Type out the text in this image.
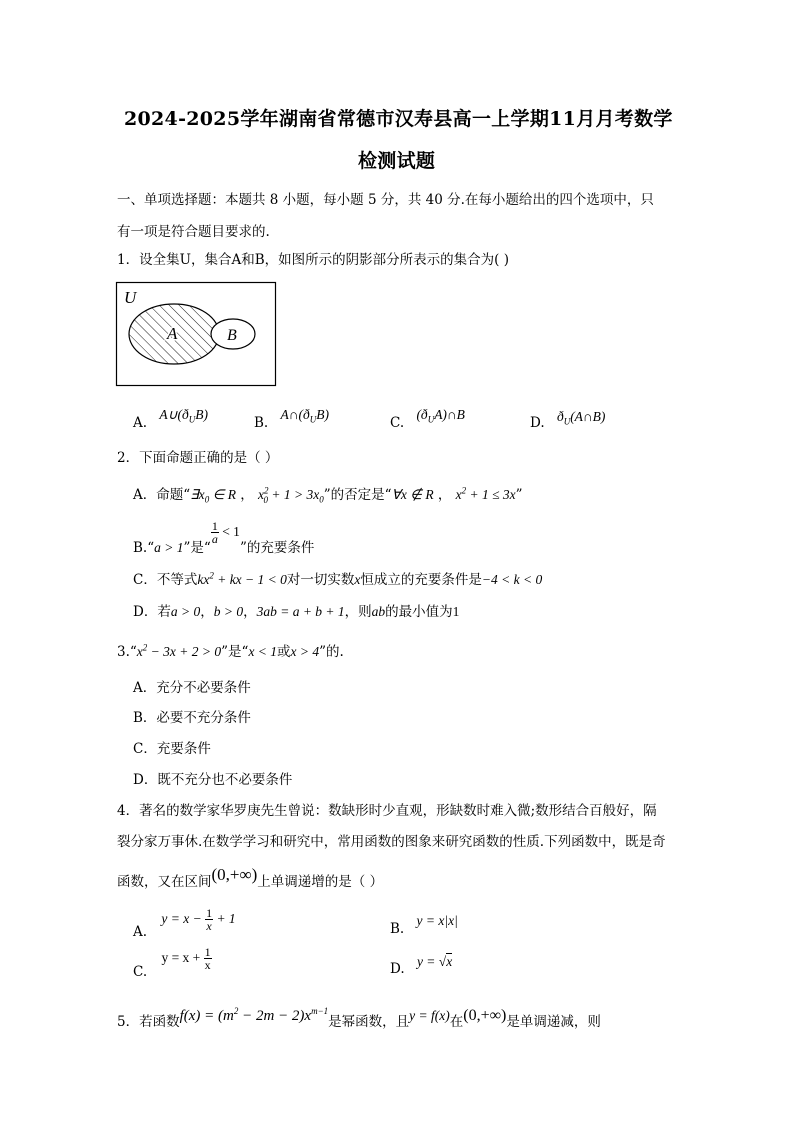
2024-2025学年湖南省常德市汉寿县高一上学期11月月考数学
检测试题
一、单项选择题：本题共 8 小题，每小题 5 分，共 40 分.在每小题给出的四个选项中，只
有一项是符合题目要求的.
1．设全集U，集合A和B，如图所示的阴影部分所表示的集合为( )
U
A	B
A. $A\cup(ð_UB)$
B. $A\cap(ð_UB)$
C. $(ð_UA)\cap B$
D. $ð_U(A\cap B)$
2．下面命题正确的是（ ）
A．命题“$\exists x_0$ ∈ R ， $x^2_0 + 1 > 3x_0$”的否定是“∀x ∉ R ， $x^2 + 1 \le 3x$”
B.“a > 1”是“
$\frac{1}{a} < 1$”的充要条件
C．不等式$kx^2$ + kx − 1 < 0对一切实数x恒成立的充要条件是−4 < k < 0
D．若a > 0，b > 0，3ab = a + b + 1，则ab的最小值为1
$3.“x^2 - 3x + 2 > 0$”是“x < 1或x > 4”的.
A．充分不必要条件
B．必要不充分条件
C．充要条件
D．既不充分也不必要条件
4．著名的数学家华罗庚先生曾说：数缺形时少直观，形缺数时难入微;数形结合百般好，隔
裂分家万事休.在数学学习和研究中，常用函数的图象来研究函数的性质.下列函数中，既是奇
函数，又在区间(0,+∞)上单调递增的是（ ）
A. $y = x - \frac{1}{x} + 1$
B. y = x|x|
C. $y = x + \frac{1}{x}$	D. y = √x
5．若函数$f(x) = (m^2 - 2m - 2)x^{m-1}$是幂函数，且y = f(x)在(0,+∞)是单调递减，则
